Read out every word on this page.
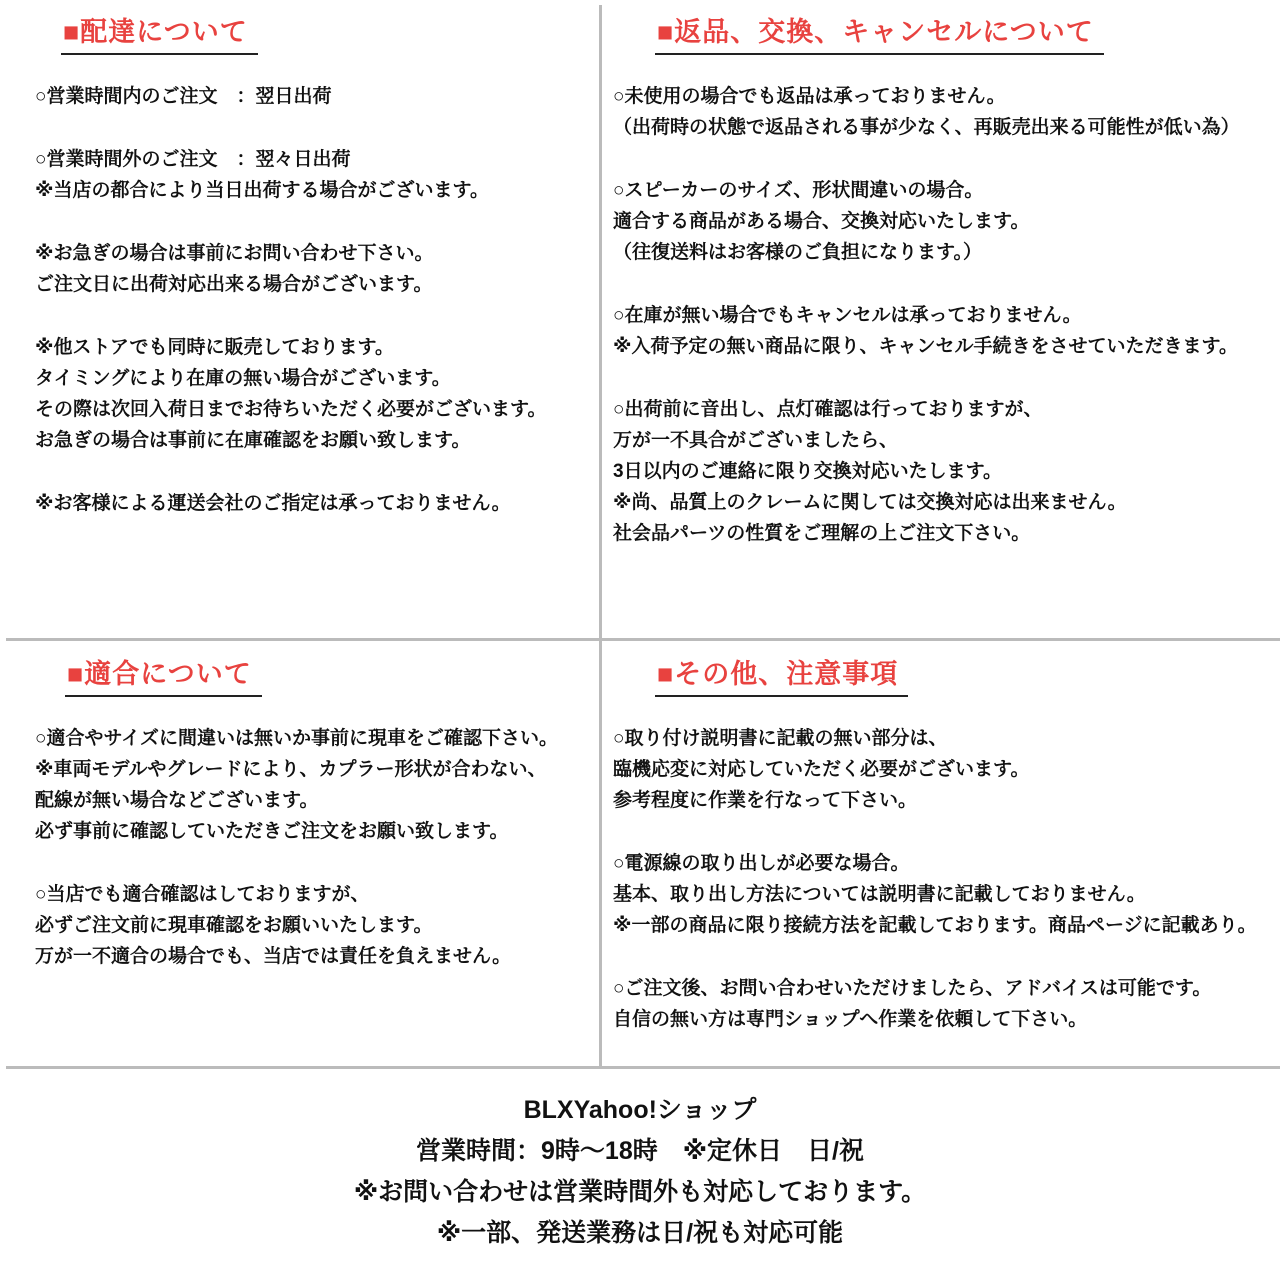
■配達について
○営業時間内のご注文　：翌日出荷
○営業時間外のご注文　：翌々日出荷
※当店の都合により当日出荷する場合がございます。
※お急ぎの場合は事前にお問い合わせ下さい。
ご注文日に出荷対応出来る場合がございます。
※他ストアでも同時に販売しております。
タイミングにより在庫の無い場合がございます。
その際は次回入荷日までお待ちいただく必要がございます。
お急ぎの場合は事前に在庫確認をお願い致します。
※お客様による運送会社のご指定は承っておりません。
■返品、交換、キャンセルについて
○未使用の場合でも返品は承っておりません。
（出荷時の状態で返品される事が少なく、再販売出来る可能性が低い為）
○スピーカーのサイズ、形状間違いの場合。
適合する商品がある場合、交換対応いたします。
（往復送料はお客様のご負担になります。）
○在庫が無い場合でもキャンセルは承っておりません。
※入荷予定の無い商品に限り、キャンセル手続きをさせていただきます。
○出荷前に音出し、点灯確認は行っておりますが、
万が一不具合がございましたら、
3日以内のご連絡に限り交換対応いたします。
※尚、品質上のクレームに関しては交換対応は出来ません。
社会品パーツの性質をご理解の上ご注文下さい。
■適合について
○適合やサイズに間違いは無いか事前に現車をご確認下さい。
※車両モデルやグレードにより、カプラー形状が合わない、
配線が無い場合などございます。
必ず事前に確認していただきご注文をお願い致します。
○当店でも適合確認はしておりますが、
必ずご注文前に現車確認をお願いいたします。
万が一不適合の場合でも、当店では責任を負えません。
■その他、注意事項
○取り付け説明書に記載の無い部分は、
臨機応変に対応していただく必要がございます。
参考程度に作業を行なって下さい。
○電源線の取り出しが必要な場合。
基本、取り出し方法については説明書に記載しておりません。
※一部の商品に限り接続方法を記載しております。商品ページに記載あり。
○ご注文後、お問い合わせいただけましたら、アドバイスは可能です。
自信の無い方は専門ショップへ作業を依頼して下さい。
BLXYahoo!ショップ
営業時間：9時～18時　※定休日　日/祝
※お問い合わせは営業時間外も対応しております。
※一部、発送業務は日/祝も対応可能
